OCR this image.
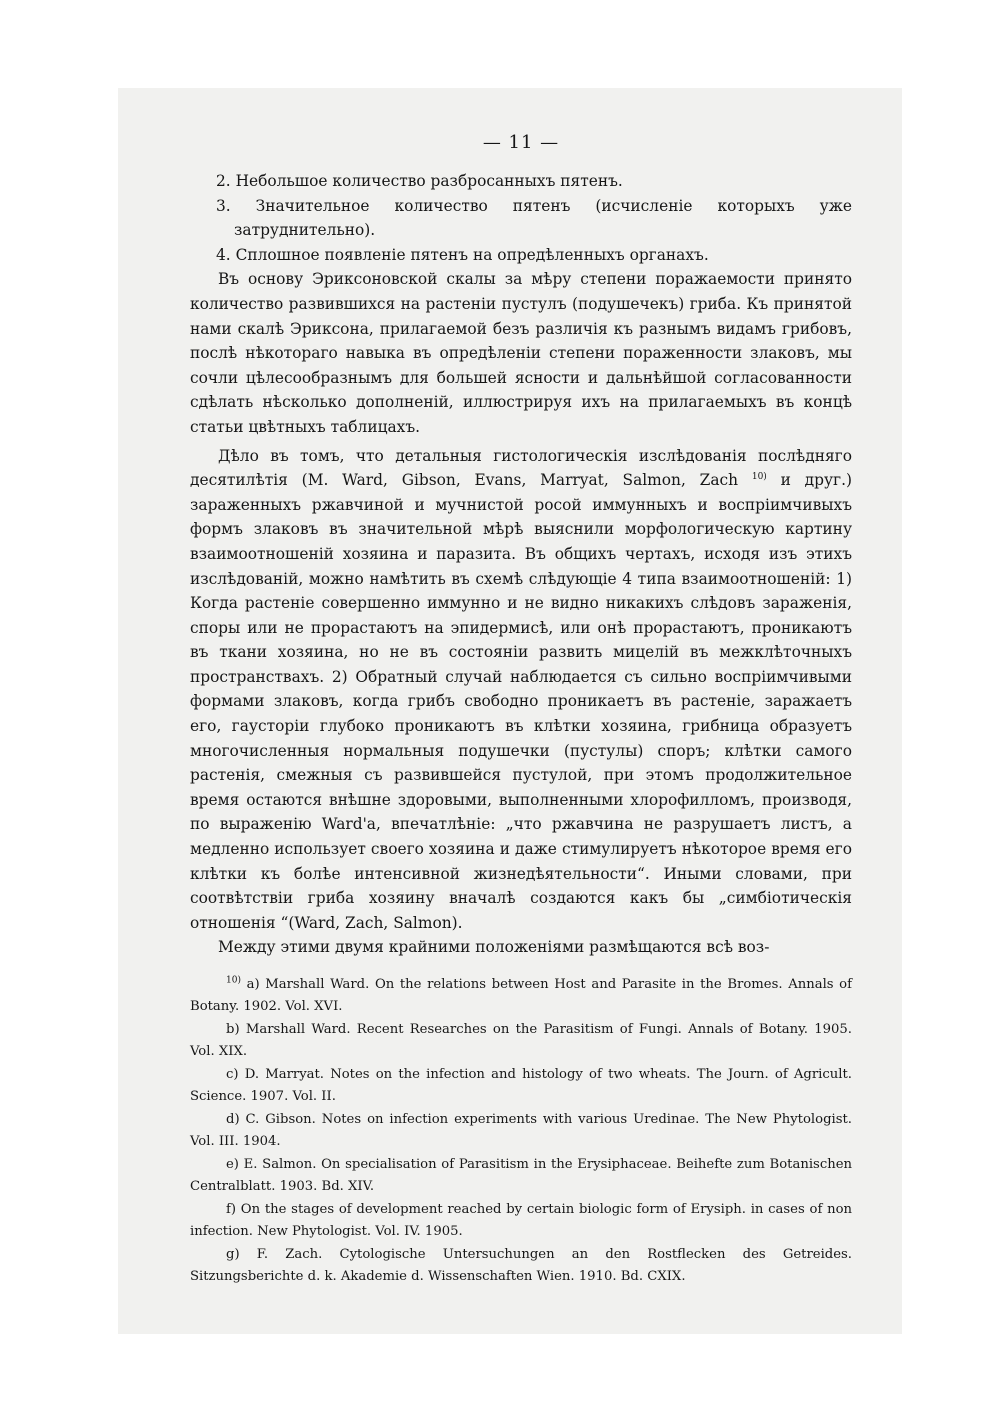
— 11 —

2. Небольшое количество разбросанныхъ пятенъ.

3. Значительное количество пятенъ (исчисленіе которыхъ уже затруднительно).

4. Сплошное появленіе пятенъ на опредѣленныхъ органахъ.

Въ основу Эриксоновской скалы за мѣру степени поражаемости принято количество развившихся на растеніи пустулъ (подушечекъ) гриба. Къ принятой нами скалѣ Эриксона, прилагаемой безъ различія къ разнымъ видамъ грибовъ, послѣ нѣкотораго навыка въ опредѣленіи степени пораженности злаковъ, мы сочли цѣлесообразнымъ для большей ясности и дальнѣйшой согласованности сдѣлать нѣсколько дополненій, иллюстрируя ихъ на прилагаемыхъ въ концѣ статьи цвѣтныхъ таблицахъ.

Дѣло въ томъ, что детальныя гистологическія изслѣдованія послѣдняго десятилѣтія (M. Ward, Gibson, Evans, Marryat, Salmon, Zach $^{10)}$ и друг.) зараженныхъ ржавчиной и мучнистой росой иммунныхъ и воспріимчивыхъ формъ злаковъ въ значительной мѣрѣ выяснили морфологическую картину взаимоотношеній хозяина и паразита. Въ общихъ чертахъ, исходя изъ этихъ изслѣдованій, можно намѣтить въ схемѣ слѣдующіе 4 типа взаимоотношеній: 1) Когда растеніе совершенно иммунно и не видно никакихъ слѣдовъ зараженія, споры или не прорастаютъ на эпидермисѣ, или онѣ прорастаютъ, проникаютъ въ ткани хозяина, но не въ состояніи развить мицелій въ межклѣточныхъ пространствахъ. 2) Обратный случай наблюдается съ сильно воспріимчивыми формами злаковъ, когда грибъ свободно проникаетъ въ растеніе, заражаетъ его, гаусторіи глубоко проникаютъ въ клѣтки хозяина, грибница образуетъ многочисленныя нормальныя подушечки (пустулы) споръ; клѣтки самого растенія, смежныя съ развившейся пустулой, при этомъ продолжительное время остаются внѣшне здоровыми, выполненными хлорофилломъ, производя, по выраженію Ward'а, впечатлѣніе: „что ржавчина не разрушаетъ листъ, а медленно использует своего хозяина и даже стимулируетъ нѣкоторое время его клѣтки къ болѣе интенсивной жизнедѣятельности“. Иными словами, при соотвѣтствіи гриба хозяину вначалѣ создаются какъ бы „симбіотическія отношенія “(Ward, Zach, Salmon).

Между этими двумя крайними положеніями размѣщаются всѣ воз-

$^{10)}$ a) Marshall Ward. On the relations between Host and Parasite in the Bromes. Annals of Botany. 1902. Vol. XVI.

b) Marshall Ward. Recent Researches on the Parasitism of Fungi. Annals of Botany. 1905. Vol. XIX.

c) D. Marryat. Notes on the infection and histology of two wheats. The Journ. of Agricult. Science. 1907. Vol. II.

d) C. Gibson. Notes on infection experiments with various Uredinae. The New Phytologist. Vol. III. 1904.

e) E. Salmon. On specialisation of Parasitism in the Erysiphaceae. Beihefte zum Botanischen Centralblatt. 1903. Bd. XIV.

f) On the stages of development reached by certain biologic form of Erysiph. in cases of non infection. New Phytologist. Vol. IV. 1905.

g) F. Zach. Cytologische Untersuchungen an den Rostflecken des Getreides. Sitzungsberichte d. k. Akademie d. Wissenschaften Wien. 1910. Bd. CXIX.
